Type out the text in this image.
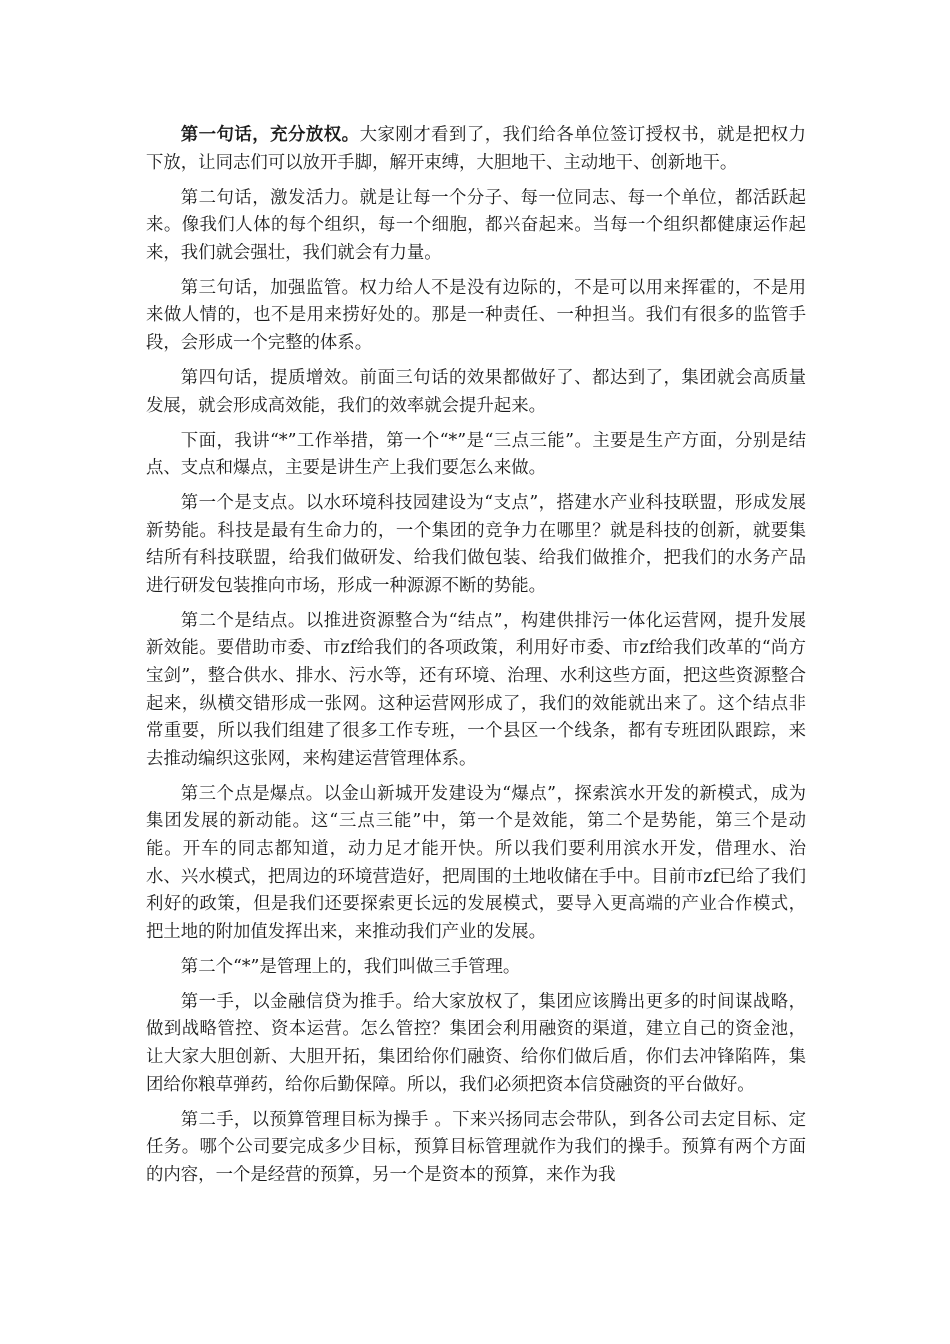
第一句话，充分放权。大家刚才看到了，我们给各单位签订授权书，就是把权力下放，让同志们可以放开手脚，解开束缚，大胆地干、主动地干、创新地干。

第二句话，激发活力。就是让每一个分子、每一位同志、每一个单位，都活跃起来。像我们人体的每个组织，每一个细胞，都兴奋起来。当每一个组织都健康运作起来，我们就会强壮，我们就会有力量。

第三句话，加强监管。权力给人不是没有边际的，不是可以用来挥霍的，不是用来做人情的，也不是用来捞好处的。那是一种责任、一种担当。我们有很多的监管手段，会形成一个完整的体系。

第四句话，提质增效。前面三句话的效果都做好了、都达到了，集团就会高质量发展，就会形成高效能，我们的效率就会提升起来。

下面，我讲“*”工作举措，第一个“*”是“三点三能”。主要是生产方面，分别是结点、支点和爆点，主要是讲生产上我们要怎么来做。

第一个是支点。以水环境科技园建设为“支点”，搭建水产业科技联盟，形成发展新势能。科技是最有生命力的，一个集团的竞争力在哪里？就是科技的创新，就要集结所有科技联盟，给我们做研发、给我们做包装、给我们做推介，把我们的水务产品进行研发包装推向市场，形成一种源源不断的势能。

第二个是结点。以推进资源整合为“结点”，构建供排污一体化运营网，提升发展新效能。要借助市委、市zf给我们的各项政策，利用好市委、市zf给我们改革的“尚方宝剑”，整合供水、排水、污水等，还有环境、治理、水利这些方面，把这些资源整合起来，纵横交错形成一张网。这种运营网形成了，我们的效能就出来了。这个结点非常重要，所以我们组建了很多工作专班，一个县区一个线条，都有专班团队跟踪，来去推动编织这张网，来构建运营管理体系。

第三个点是爆点。以金山新城开发建设为“爆点”，探索滨水开发的新模式，成为集团发展的新动能。这“三点三能”中，第一个是效能，第二个是势能，第三个是动能。开车的同志都知道，动力足才能开快。所以我们要利用滨水开发，借理水、治水、兴水模式，把周边的环境营造好，把周围的土地收储在手中。目前市zf已给了我们利好的政策，但是我们还要探索更长远的发展模式，要导入更高端的产业合作模式，把土地的附加值发挥出来，来推动我们产业的发展。

第二个“*”是管理上的，我们叫做三手管理。

第一手，以金融信贷为推手。给大家放权了，集团应该腾出更多的时间谋战略，做到战略管控、资本运营。怎么管控？集团会利用融资的渠道，建立自己的资金池，让大家大胆创新、大胆开拓，集团给你们融资、给你们做后盾，你们去冲锋陷阵，集团给你粮草弹药，给你后勤保障。所以，我们必须把资本信贷融资的平台做好。

第二手，以预算管理目标为操手 。下来兴扬同志会带队，到各公司去定目标、定任务。哪个公司要完成多少目标，预算目标管理就作为我们的操手。预算有两个方面的内容，一个是经营的预算，另一个是资本的预算，来作为我
